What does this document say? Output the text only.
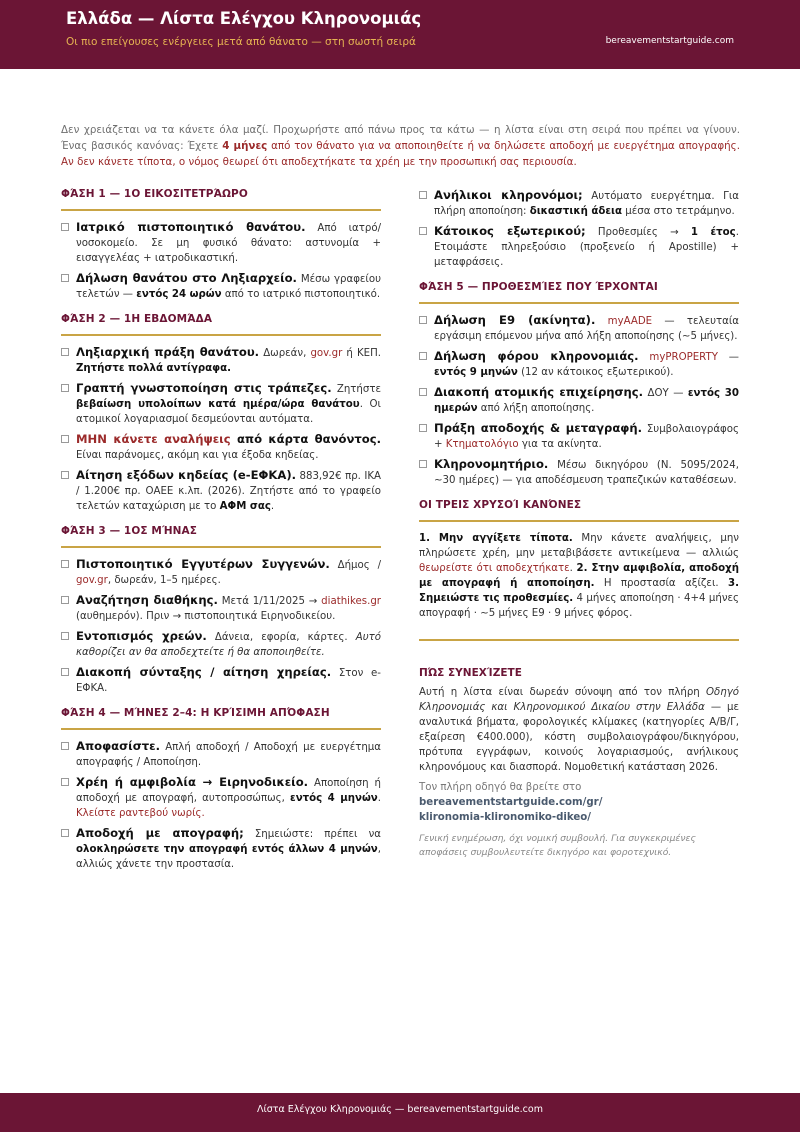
Ελλάδα — Λίστα Ελέγχου Κληρονομιάς
Οι πιο επείγουσες ενέργειες μετά από θάνατο — στη σωστή σειρά	bereavementstartguide.com
Δεν χρειάζεται να τα κάνετε όλα μαζί. Προχωρήστε από πάνω προς τα κάτω — η λίστα είναι στη σειρά που πρέπει να γίνουν. Ένας βασικός κανόνας: Έχετε 4 μήνες από τον θάνατο για να αποποιηθείτε ή να δηλώσετε αποδοχή με ευεργέτημα απογραφής. Αν δεν κάνετε τίποτα, ο νόμος θεωρεί ότι αποδεχτήκατε τα χρέη με την προσωπική σας περιουσία.
ΦΆΣΗ 1 — 1Ο ΕΙΚΟΣΙΤΕΤΡΆΩΡΟ
Ιατρικό πιστοποιητικό θανάτου. Από ιατρό/νοσοκομείο. Σε μη φυσικό θάνατο: αστυνομία + εισαγγελέας + ιατροδικαστική.
Δήλωση θανάτου στο Ληξιαρχείο. Μέσω γραφείου τελετών — εντός 24 ωρών από το ιατρικό πιστοποιητικό.
ΦΆΣΗ 2 — 1Η ΕΒΔΟΜΆΔΑ
Ληξιαρχική πράξη θανάτου. Δωρεάν, gov.gr ή ΚΕΠ. Ζητήστε πολλά αντίγραφα.
Γραπτή γνωστοποίηση στις τράπεζες. Ζητήστε βεβαίωση υπολοίπων κατά ημέρα/ώρα θανάτου. Οι ατομικοί λογαριασμοί δεσμεύονται αυτόματα.
ΜΗΝ κάνετε αναλήψεις από κάρτα θανόντος. Είναι παράνομες, ακόμη και για έξοδα κηδείας.
Αίτηση εξόδων κηδείας (e-ΕΦΚΑ). 883,92€ πρ. ΙΚΑ / 1.200€ πρ. ΟΑΕΕ κ.λπ. (2026). Ζητήστε από το γραφείο τελετών καταχώριση με το ΑΦΜ σας.
ΦΆΣΗ 3 — 1ΟΣ ΜΉΝΑΣ
Πιστοποιητικό Εγγυτέρων Συγγενών. Δήμος / gov.gr, δωρεάν, 1–5 ημέρες.
Αναζήτηση διαθήκης. Μετά 1/11/2025 → diathikes.gr (αυθημερόν). Πριν → πιστοποιητικά Ειρηνοδικείου.
Εντοπισμός χρεών. Δάνεια, εφορία, κάρτες. Αυτό καθορίζει αν θα αποδεχτείτε ή θα αποποιηθείτε.
Διακοπή σύνταξης / αίτηση χηρείας. Στον e-ΕΦΚΑ.
ΦΆΣΗ 4 — ΜΉΝΕΣ 2–4: Η ΚΡΊΣΙΜΗ ΑΠΌΦΑΣΗ
Αποφασίστε. Απλή αποδοχή / Αποδοχή με ευεργέτημα απογραφής / Αποποίηση.
Χρέη ή αμφιβολία → Ειρηνοδικείο. Αποποίηση ή αποδοχή με απογραφή, αυτοπροσώπως, εντός 4 μηνών. Κλείστε ραντεβού νωρίς.
Αποδοχή με απογραφή; Σημειώστε: πρέπει να ολοκληρώσετε την απογραφή εντός άλλων 4 μηνών, αλλιώς χάνετε την προστασία.
Ανήλικοι κληρονόμοι; Αυτόματο ευεργέτημα. Για πλήρη αποποίηση: δικαστική άδεια μέσα στο τετράμηνο.
Κάτοικος εξωτερικού; Προθεσμίες → 1 έτος. Ετοιμάστε πληρεξούσιο (προξενείο ή Apostille) + μεταφράσεις.
ΦΆΣΗ 5 — ΠΡΟΘΕΣΜΊΕΣ ΠΟΥ ΈΡΧΟΝΤΑΙ
Δήλωση Ε9 (ακίνητα). myAADE — τελευταία εργάσιμη επόμενου μήνα από λήξη αποποίησης (∼5 μήνες).
Δήλωση φόρου κληρονομιάς. myPROPERTY — εντός 9 μηνών (12 αν κάτοικος εξωτερικού).
Διακοπή ατομικής επιχείρησης. ΔΟΥ — εντός 30 ημερών από λήξη αποποίησης.
Πράξη αποδοχής & μεταγραφή. Συμβολαιογράφος + Κτηματολόγιο για τα ακίνητα.
Κληρονομητήριο. Μέσω δικηγόρου (Ν. 5095/2024, ∼30 ημέρες) — για αποδέσμευση τραπεζικών καταθέσεων.
ΟΙ ΤΡΕΙΣ ΧΡΥΣΟΊ ΚΑΝΌΝΕΣ
1. Μην αγγίξετε τίποτα. Μην κάνετε αναλήψεις, μην πληρώσετε χρέη, μην μεταβιβάσετε αντικείμενα — αλλιώς θεωρείστε ότι αποδεχτήκατε. 2. Στην αμφιβολία, αποδοχή με απογραφή ή αποποίηση. Η προστασία αξίζει. 3. Σημειώστε τις προθεσμίες. 4 μήνες αποποίηση · 4+4 μήνες απογραφή · ∼5 μήνες Ε9 · 9 μήνες φόρος.
ΠΏΣ ΣΥΝΕΧΊΖΕΤΕ
Αυτή η λίστα είναι δωρεάν σύνοψη από τον πλήρη Οδηγό Κληρονομιάς και Κληρονομικού Δικαίου στην Ελλάδα — με αναλυτικά βήματα, φορολογικές κλίμακες (κατηγορίες Α/Β/Γ, εξαίρεση €400.000), κόστη συμβολαιογράφου/δικηγόρου, πρότυπα εγγράφων, κοινούς λογαριασμούς, ανήλικους κληρονόμους και διασπορά. Νομοθετική κατάσταση 2026.
Τον πλήρη οδηγό θα βρείτε στο
bereavementstartguide.com/gr/
klironomia-klironomiko-dikeo/
Γενική ενημέρωση, όχι νομική συμβουλή. Για συγκεκριμένες αποφάσεις συμβουλευτείτε δικηγόρο και φοροτεχνικό.
Λίστα Ελέγχου Κληρονομιάς — bereavementstartguide.com
